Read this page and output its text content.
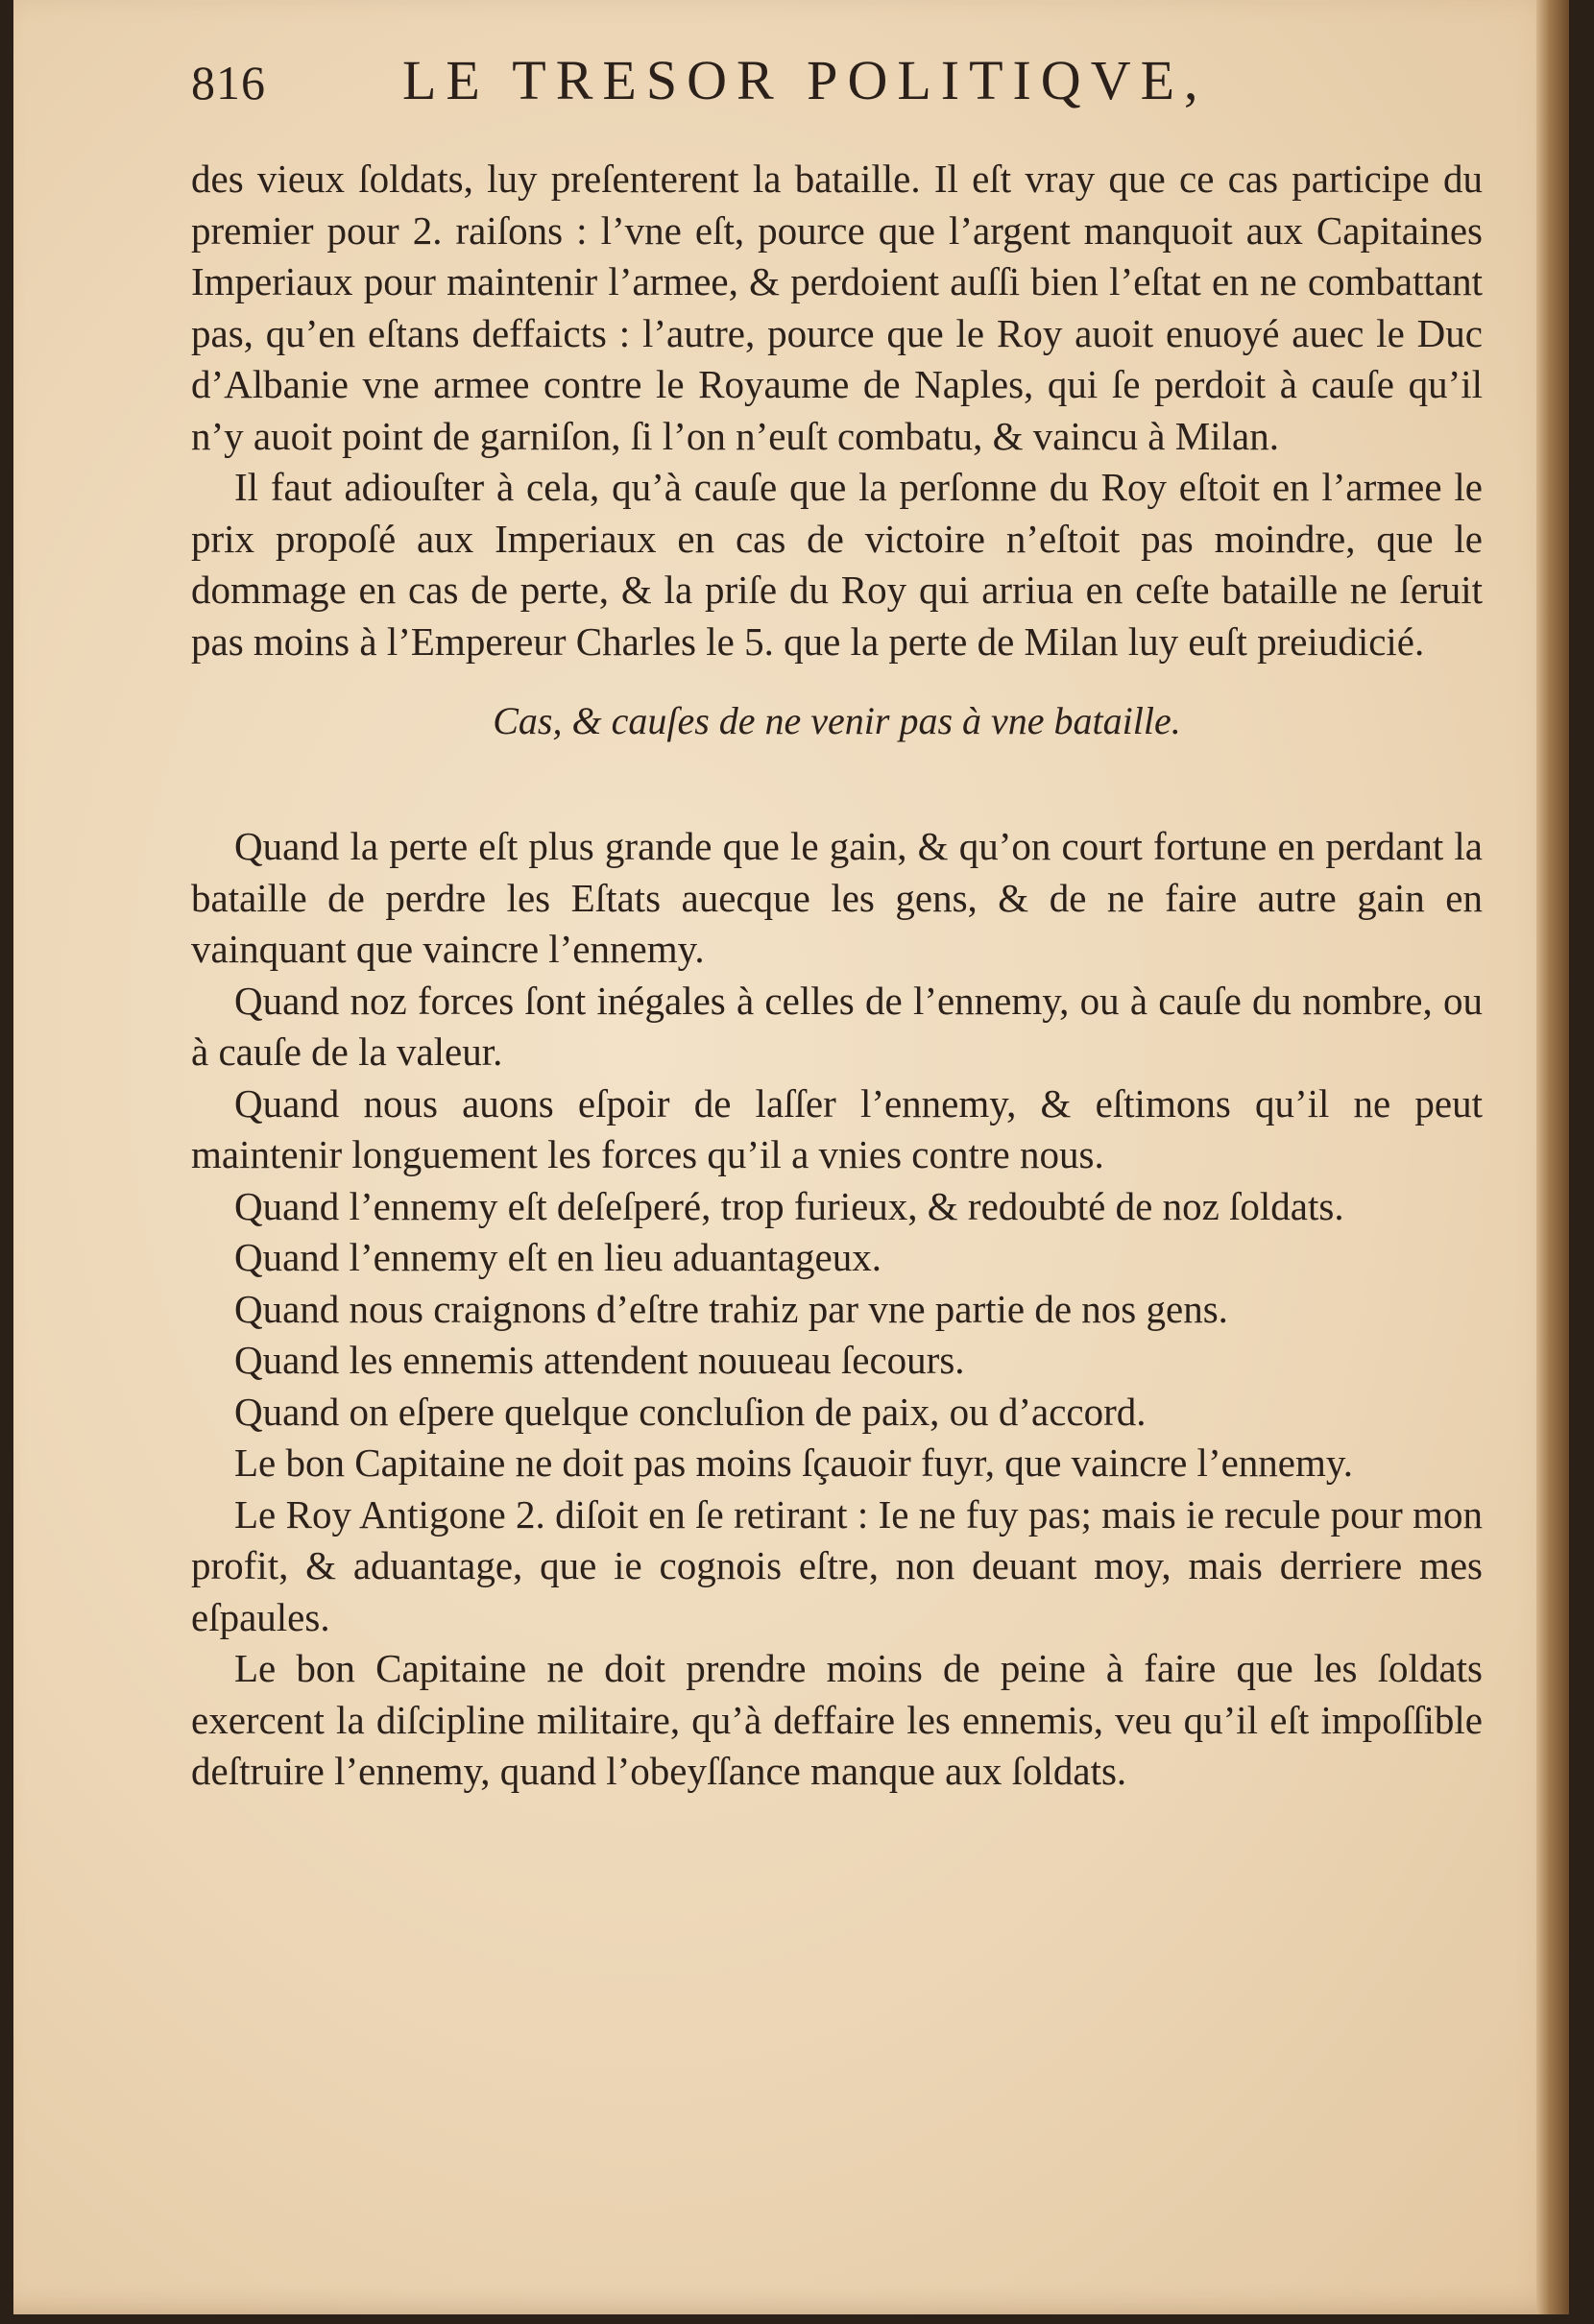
816	LE TRESOR POLITIQVE,

des vieux ſoldats, luy preſenterent la bataille. Il eſt vray que ce cas participe du premier pour 2. raiſons : l’vne eſt, pource que l’argent manquoit aux Capitaines Imperiaux pour maintenir l’armee, & perdoient auſſi bien l’eſtat en ne combattant pas, qu’en eſtans deffaicts : l’autre, pource que le Roy auoit enuoyé auec le Duc d’Albanie vne armee contre le Royaume de Naples, qui ſe perdoit à cauſe qu’il n’y auoit point de garniſon, ſi l’on n’euſt combatu, & vaincu à Milan.

Il faut adiouſter à cela, qu’à cauſe que la perſonne du Roy eſtoit en l’armee le prix propoſé aux Imperiaux en cas de victoire n’eſtoit pas moindre, que le dommage en cas de perte, & la priſe du Roy qui arriua en ceſte bataille ne ſeruit pas moins à l’Empereur Charles le 5. que la perte de Milan luy euſt preiudicié.

Cas, & cauſes de ne venir pas à vne bataille.

Quand la perte eſt plus grande que le gain, & qu’on court fortune en perdant la bataille de perdre les Eſtats auecque les gens, & de ne faire autre gain en vainquant que vaincre l’ennemy.

Quand noz forces ſont inégales à celles de l’ennemy, ou à cauſe du nombre, ou à cauſe de la valeur.

Quand nous auons eſpoir de laſſer l’ennemy, & eſtimons qu’il ne peut maintenir longuement les forces qu’il a vnies contre nous.

Quand l’ennemy eſt deſeſperé, trop furieux, & redoubté de noz ſoldats.

Quand l’ennemy eſt en lieu aduantageux.

Quand nous craignons d’eſtre trahiz par vne partie de nos gens.

Quand les ennemis attendent nouueau ſecours.

Quand on eſpere quelque concluſion de paix, ou d’accord.

Le bon Capitaine ne doit pas moins ſçauoir fuyr, que vaincre l’ennemy.

Le Roy Antigone 2. diſoit en ſe retirant : Ie ne fuy pas; mais ie recule pour mon profit, & aduantage, que ie cognois eſtre, non deuant moy, mais derriere mes eſpaules.

Le bon Capitaine ne doit prendre moins de peine à faire que les ſoldats exercent la diſcipline militaire, qu’à deffaire les ennemis, veu qu’il eſt impoſſible deſtruire l’ennemy, quand l’obeyſſance manque aux ſoldats.
